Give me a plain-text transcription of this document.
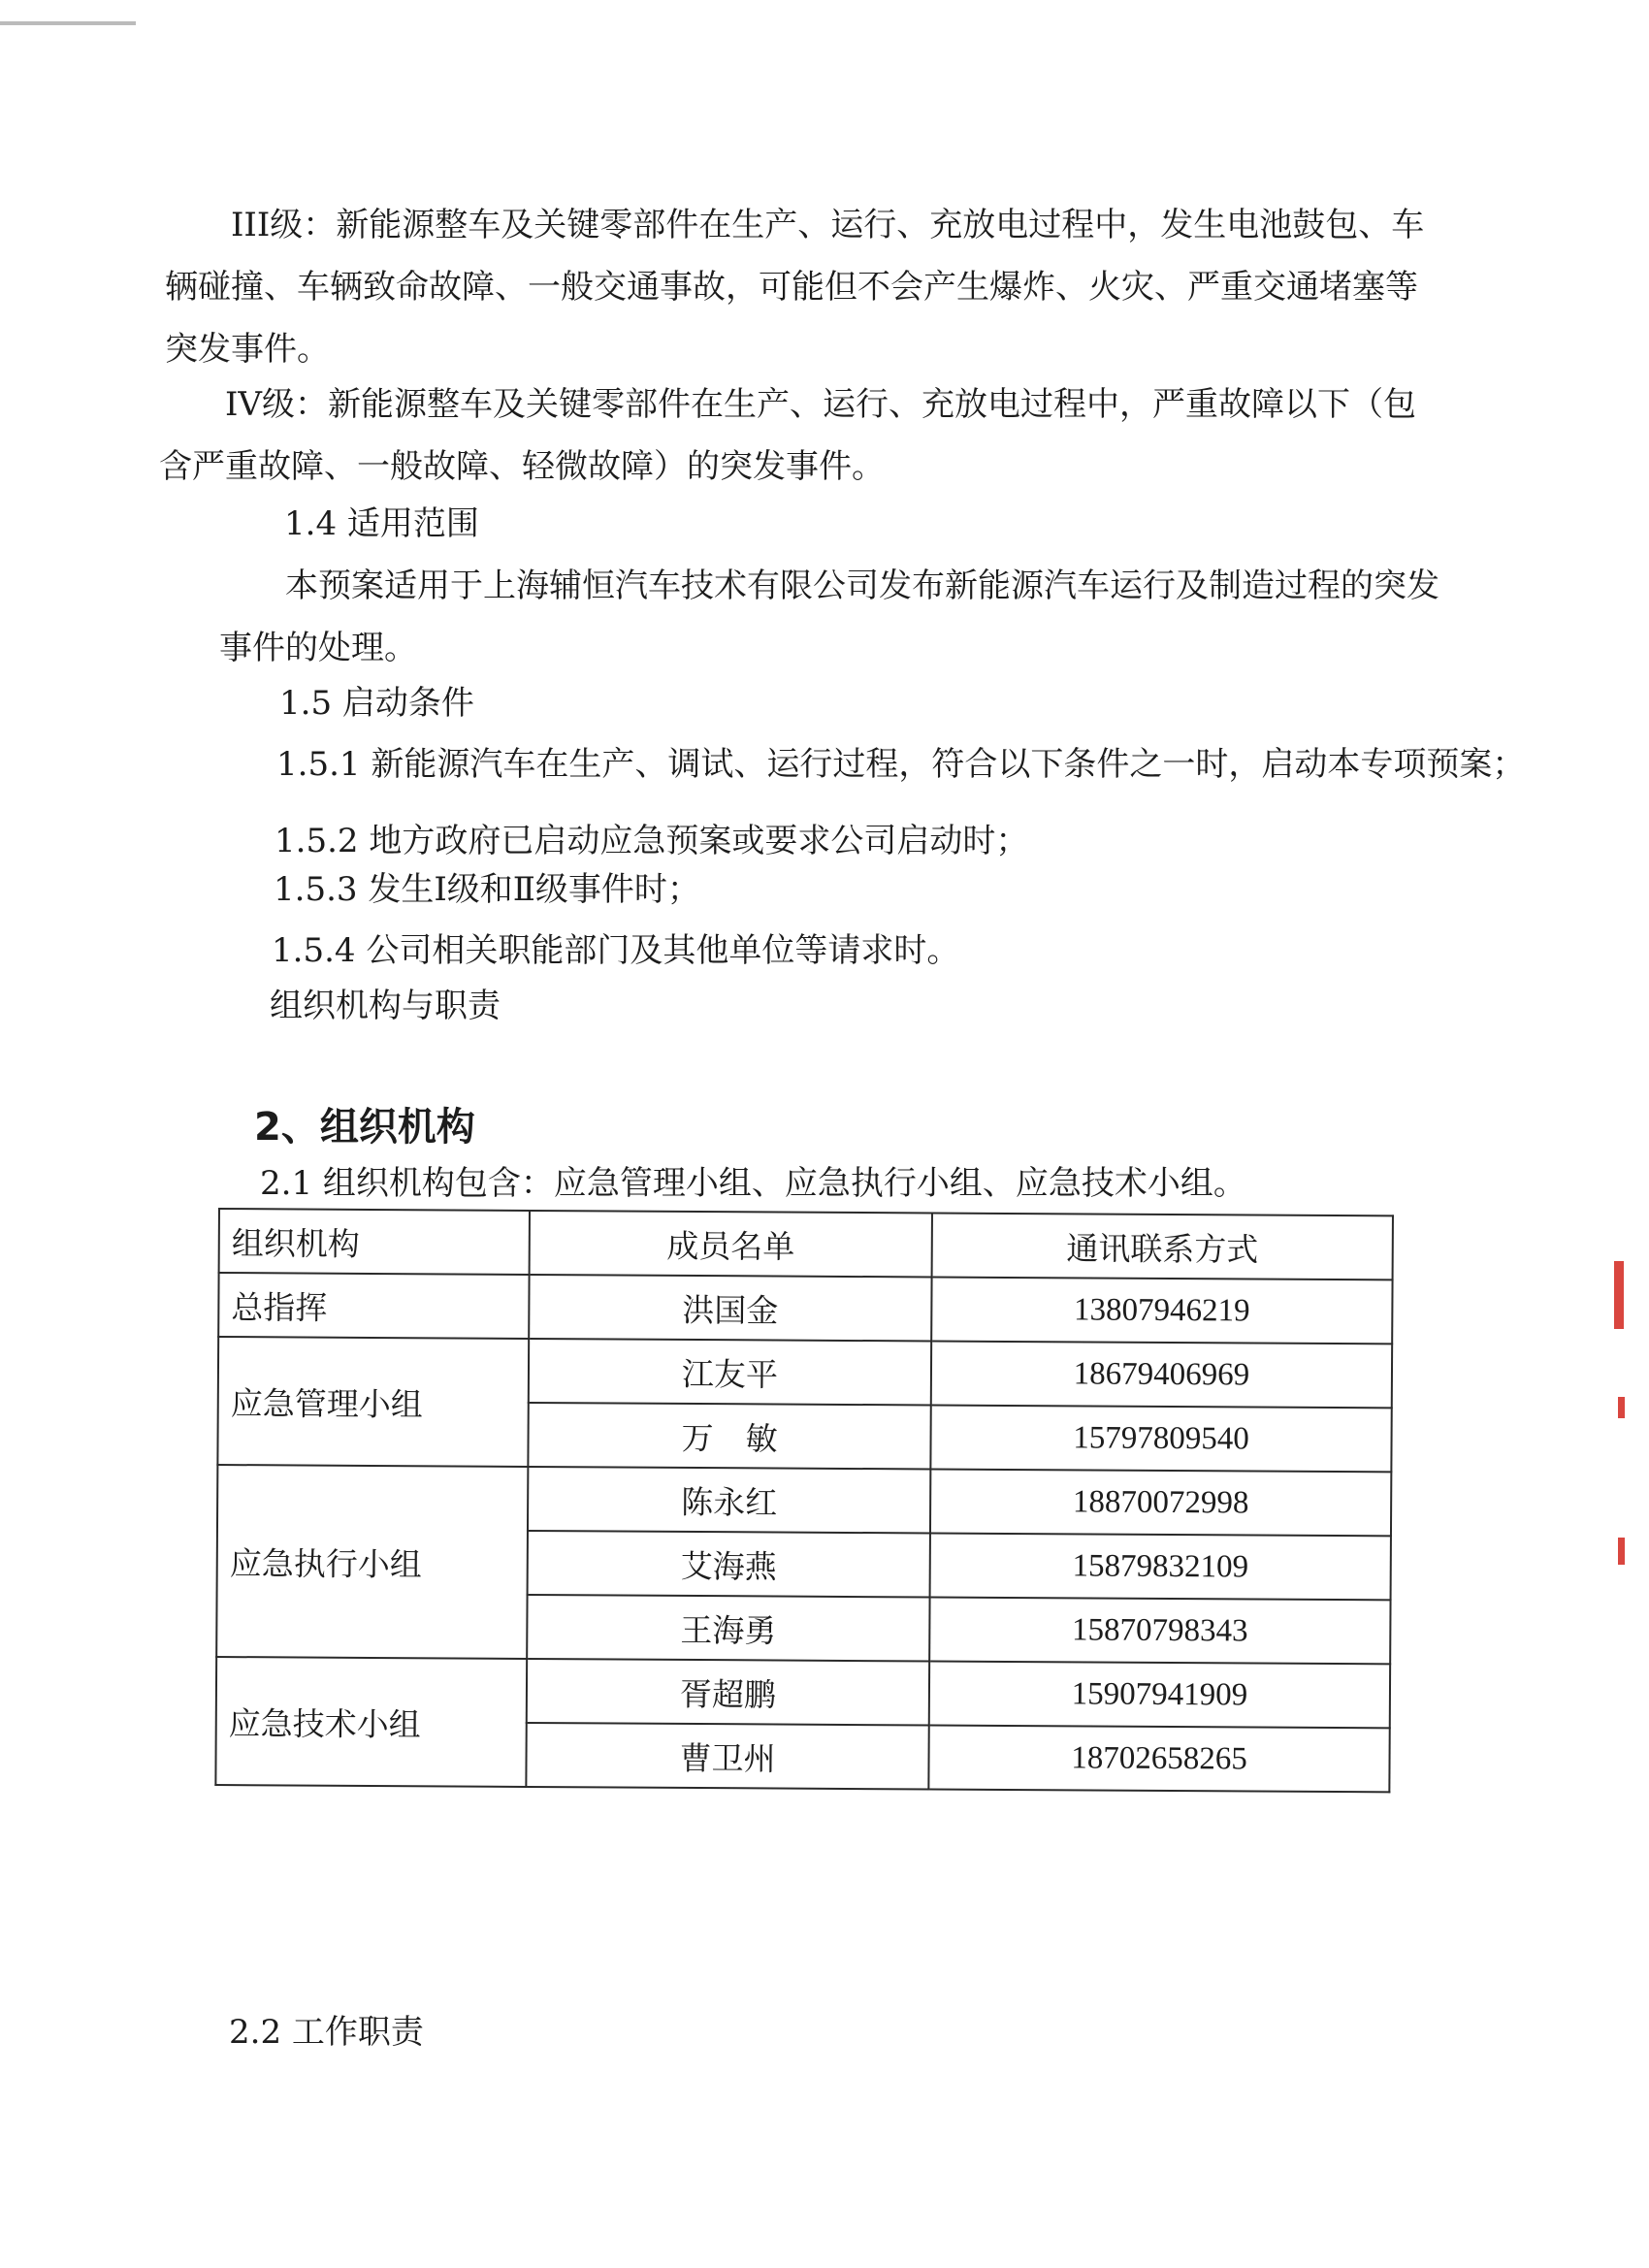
III级：新能源整车及关键零部件在生产、运行、充放电过程中，发生电池鼓包、车辆碰撞、车辆致命故障、一般交通事故，可能但不会产生爆炸、火灾、严重交通堵塞等突发事件。

IV级：新能源整车及关键零部件在生产、运行、充放电过程中，严重故障以下（包含严重故障、一般故障、轻微故障）的突发事件。

1.4 适用范围

本预案适用于上海辅恒汽车技术有限公司发布新能源汽车运行及制造过程的突发事件的处理。

1.5 启动条件

1.5.1 新能源汽车在生产、调试、运行过程，符合以下条件之一时，启动本专项预案；

1.5.2 地方政府已启动应急预案或要求公司启动时；

1.5.3 发生Ⅰ级和Ⅱ级事件时；

1.5.4 公司相关职能部门及其他单位等请求时。

组织机构与职责

2、组织机构

2.1 组织机构包含：应急管理小组、应急执行小组、应急技术小组。

组织机构	成员名单	通讯联系方式
总指挥	洪国金	13807946219
应急管理小组	江友平	18679406969
	万　敏	15797809540
应急执行小组	陈永红	18870072998
	艾海燕	15879832109
	王海勇	15870798343
应急技术小组	胥超鹏	15907941909
	曹卫州	18702658265

2.2 工作职责
